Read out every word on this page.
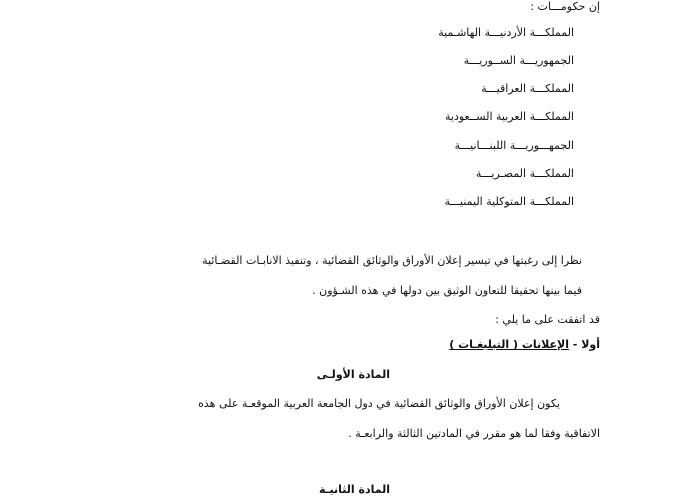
إن حكومـــات :
المملكـــة الأردنيـــة الهاشـمية
الجمهوريـــة الســوريـــة
المملكـــة العراقيـــة
المملكـــة العربية الســعودية
الجمهـــوريـــة اللبنـــانيـــة
المملكـــة المصـريـــة
المملكـــة المتوكلية اليمنيـــة
نظرا إلى رغبتها في تيسير إعلان الأوراق والوثائق القضائية ، وتنفيذ الانابـات القضـائية
فيما بينها تحقيقا للتعاون الوثيق بين دولها في هذه الشـؤون .
قد اتفقت على ما يلي :
أولا - الإعلانات ( التبليغـات )
المادة الأولـى
يكون إعلان الأوراق والوثائق القضائية في دول الجامعة العربية الموقعـة على هذه
الاتفاقية وفقا لما هو مقرر في المادتين الثالثة والرابعـة .
المادة الثانيـة
